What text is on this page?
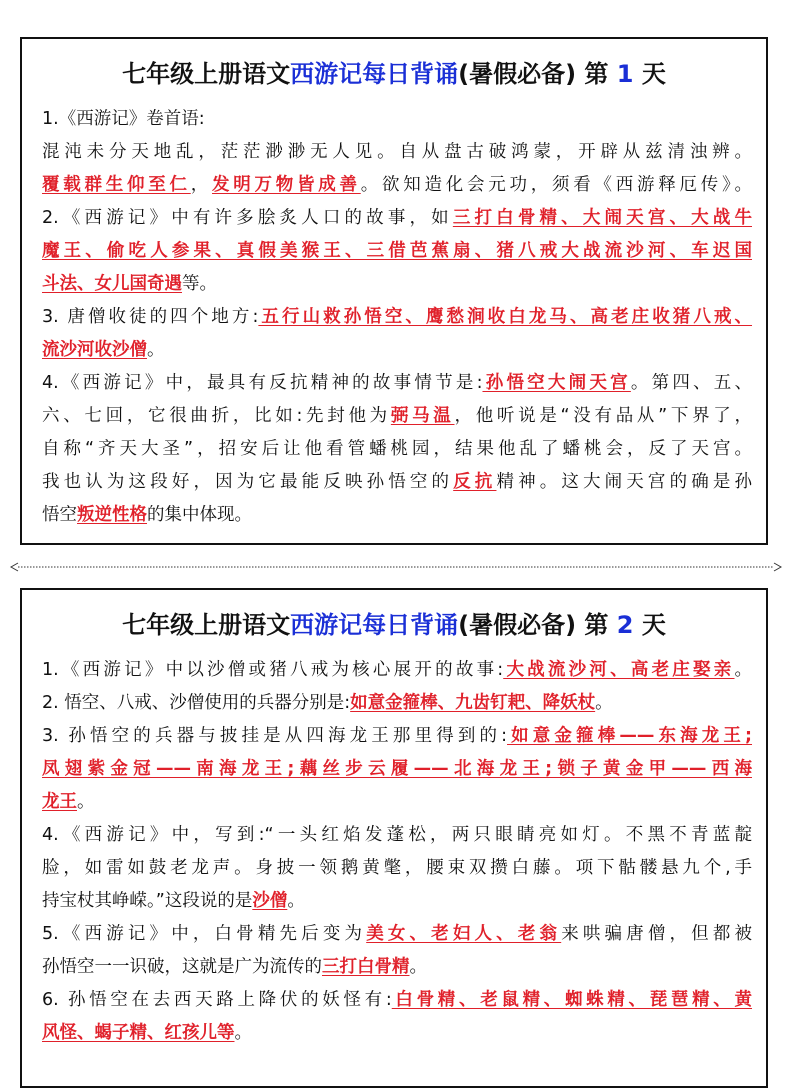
七年级上册语文西游记每日背诵(暑假必备) 第 1 天
1.《西游记》卷首语:
混沌未分天地乱，茫茫渺渺无人见。自从盘古破鸿蒙，开辟从兹清浊辨。
覆载群生仰至仁，发明万物皆成善。欲知造化会元功，须看《西游释厄传》。
2.《西游记》中有许多脍炙人口的故事，如三打白骨精、大闹天宫、大战牛
魔王、偷吃人参果、真假美猴王、三借芭蕉扇、猪八戒大战流沙河、车迟国
斗法、女儿国奇遇等。
3. 唐僧收徒的四个地方:五行山救孙悟空、鹰愁涧收白龙马、高老庄收猪八戒、
流沙河收沙僧。
4.《西游记》中，最具有反抗精神的故事情节是:孙悟空大闹天宫。第四、五、
六、七回，它很曲折，比如:先封他为弼马温，他听说是“没有品从”下界了，
自称“齐天大圣”，招安后让他看管蟠桃园，结果他乱了蟠桃会，反了天宫。
我也认为这段好，因为它最能反映孙悟空的反抗精神。这大闹天宫的确是孙
悟空叛逆性格的集中体现。
七年级上册语文西游记每日背诵(暑假必备) 第 2 天
1.《西游记》中以沙僧或猪八戒为核心展开的故事:大战流沙河、高老庄娶亲。
2. 悟空、八戒、沙僧使用的兵器分别是:如意金箍棒、九齿钉耙、降妖杖。
3. 孙悟空的兵器与披挂是从四海龙王那里得到的:如意金箍棒——东海龙王;
凤翅紫金冠——南海龙王;藕丝步云履——北海龙王;锁子黄金甲——西海
龙王。
4.《西游记》中，写到:“一头红焰发蓬松，两只眼睛亮如灯。不黑不青蓝靛
脸，如雷如鼓老龙声。身披一领鹅黄氅，腰束双攒白藤。项下骷髅悬九个,手
持宝杖其峥嵘。”这段说的是沙僧。
5.《西游记》中，白骨精先后变为美女、老妇人、老翁来哄骗唐僧，但都被
孙悟空一一识破，这就是广为流传的三打白骨精。
6. 孙悟空在去西天路上降伏的妖怪有:白骨精、老鼠精、蜘蛛精、琵琶精、黄
风怪、蝎子精、红孩儿等。
